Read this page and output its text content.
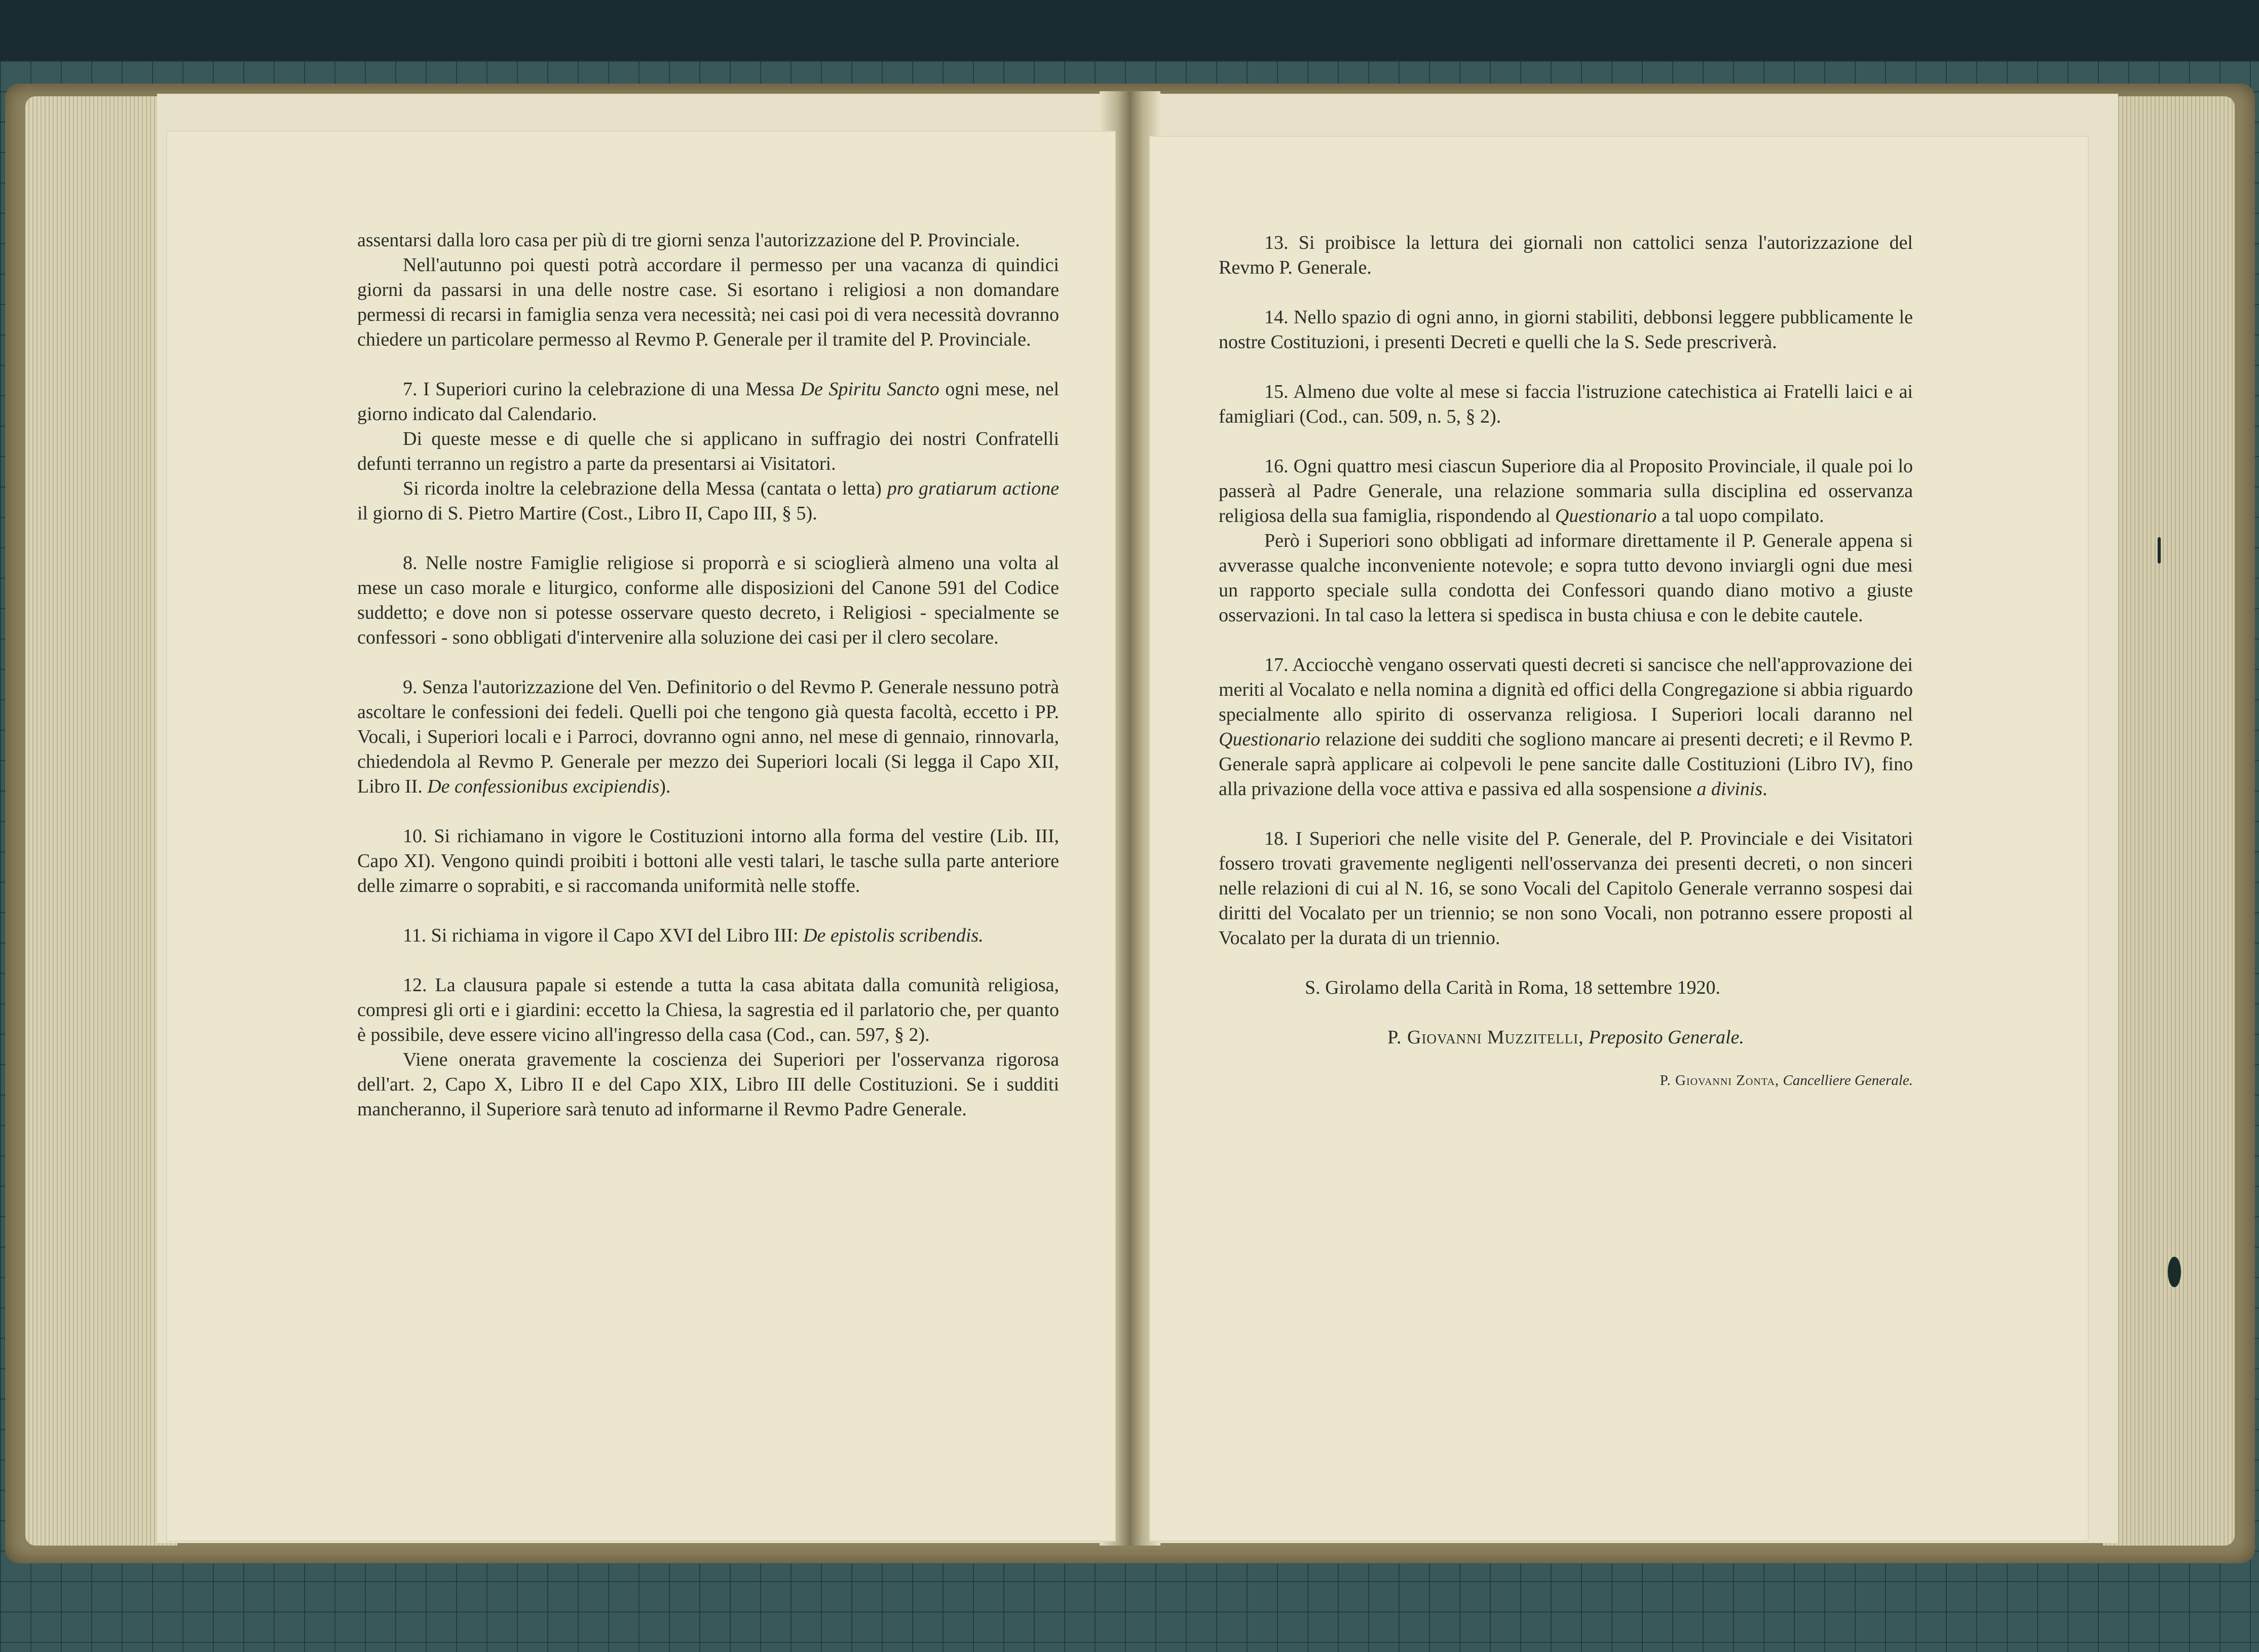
assentarsi dalla loro casa per più di tre giorni senza l'autorizzazione del P. Provinciale.

Nell'autunno poi questi potrà accordare il permesso per una vacanza di quindici giorni da passarsi in una delle nostre case. Si esortano i religiosi a non domandare permessi di recarsi in famiglia senza vera necessità; nei casi poi di vera necessità dovranno chiedere un particolare permesso al Revmo P. Generale per il tramite del P. Provinciale.

7. I Superiori curino la celebrazione di una Messa De Spiritu Sancto ogni mese, nel giorno indicato dal Calendario.

Di queste messe e di quelle che si applicano in suffragio dei nostri Confratelli defunti terranno un registro a parte da presentarsi ai Visitatori.

Si ricorda inoltre la celebrazione della Messa (cantata o letta) pro gratiarum actione il giorno di S. Pietro Martire (Cost., Libro II, Capo III, § 5).

8. Nelle nostre Famiglie religiose si proporrà e si scioglierà almeno una volta al mese un caso morale e liturgico, conforme alle disposizioni del Canone 591 del Codice suddetto; e dove non si potesse osservare questo decreto, i Religiosi - specialmente se confessori - sono obbligati d'intervenire alla soluzione dei casi per il clero secolare.

9. Senza l'autorizzazione del Ven. Definitorio o del Revmo P. Generale nessuno potrà ascoltare le confessioni dei fedeli. Quelli poi che tengono già questa facoltà, eccetto i PP. Vocali, i Superiori locali e i Parroci, dovranno ogni anno, nel mese di gennaio, rinnovarla, chiedendola al Revmo P. Generale per mezzo dei Superiori locali (Si legga il Capo XII, Libro II. De confessionibus excipiendis).

10. Si richiamano in vigore le Costituzioni intorno alla forma del vestire (Lib. III, Capo XI). Vengono quindi proibiti i bottoni alle vesti talari, le tasche sulla parte anteriore delle zimarre o soprabiti, e si raccomanda uniformità nelle stoffe.

11. Si richiama in vigore il Capo XVI del Libro III: De epistolis scribendis.

12. La clausura papale si estende a tutta la casa abitata dalla comunità religiosa, compresi gli orti e i giardini: eccetto la Chiesa, la sagrestia ed il parlatorio che, per quanto è possibile, deve essere vicino all'ingresso della casa (Cod., can. 597, § 2).

Viene onerata gravemente la coscienza dei Superiori per l'osservanza rigorosa dell'art. 2, Capo X, Libro II e del Capo XIX, Libro III delle Costituzioni. Se i sudditi mancheranno, il Superiore sarà tenuto ad informarne il Revmo Padre Generale.

13. Si proibisce la lettura dei giornali non cattolici senza l'autorizzazione del Revmo P. Generale.

14. Nello spazio di ogni anno, in giorni stabiliti, debbonsi leggere pubblicamente le nostre Costituzioni, i presenti Decreti e quelli che la S. Sede prescriverà.

15. Almeno due volte al mese si faccia l'istruzione catechistica ai Fratelli laici e ai famigliari (Cod., can. 509, n. 5, § 2).

16. Ogni quattro mesi ciascun Superiore dia al Proposito Provinciale, il quale poi lo passerà al Padre Generale, una relazione sommaria sulla disciplina ed osservanza religiosa della sua famiglia, rispondendo al Questionario a tal uopo compilato.

Però i Superiori sono obbligati ad informare direttamente il P. Generale appena si avverasse qualche inconveniente notevole; e sopra tutto devono inviargli ogni due mesi un rapporto speciale sulla condotta dei Confessori quando diano motivo a giuste osservazioni. In tal caso la lettera si spedisca in busta chiusa e con le debite cautele.

17. Acciocchè vengano osservati questi decreti si sancisce che nell'approvazione dei meriti al Vocalato e nella nomina a dignità ed offici della Congregazione si abbia riguardo specialmente allo spirito di osservanza religiosa. I Superiori locali daranno nel Questionario relazione dei sudditi che sogliono mancare ai presenti decreti; e il Revmo P. Generale saprà applicare ai colpevoli le pene sancite dalle Costituzioni (Libro IV), fino alla privazione della voce attiva e passiva ed alla sospensione a divinis.

18. I Superiori che nelle visite del P. Generale, del P. Provinciale e dei Visitatori fossero trovati gravemente negligenti nell'osservanza dei presenti decreti, o non sinceri nelle relazioni di cui al N. 16, se sono Vocali del Capitolo Generale verranno sospesi dai diritti del Vocalato per un triennio; se non sono Vocali, non potranno essere proposti al Vocalato per la durata di un triennio.

S. Girolamo della Carità in Roma, 18 settembre 1920.

P. Giovanni Muzzitelli, Preposito Generale.

P. Giovanni Zonta, Cancelliere Generale.
